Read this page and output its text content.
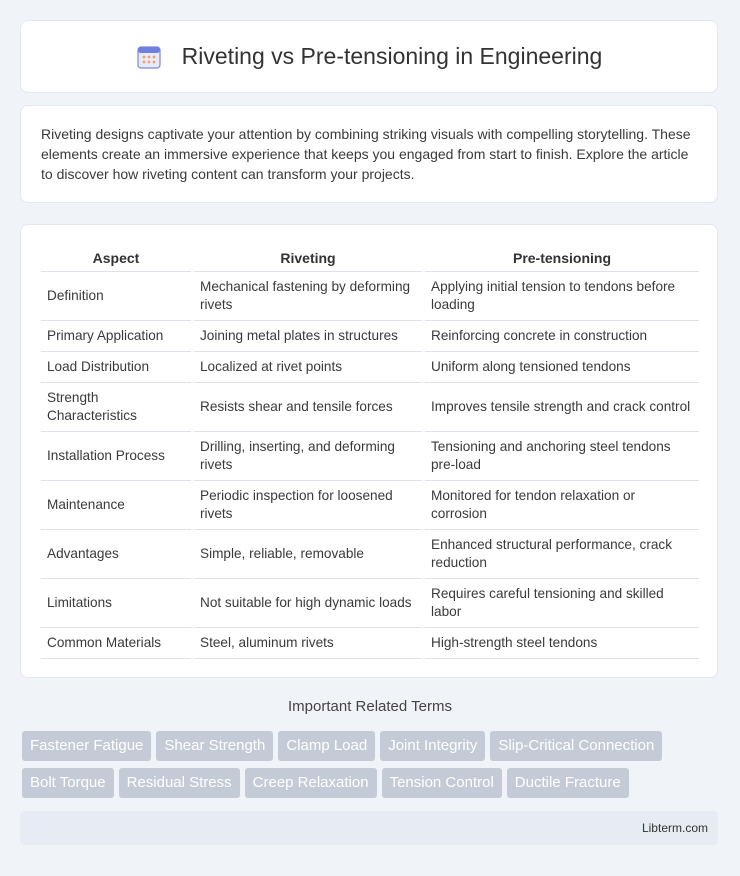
Riveting vs Pre-tensioning in Engineering
Riveting designs captivate your attention by combining striking visuals with compelling storytelling. These elements create an immersive experience that keeps you engaged from start to finish. Explore the article to discover how riveting content can transform your projects.
Aspect	Riveting	Pre-tensioning
Definition	Mechanical fastening by deforming rivets	Applying initial tension to tendons before loading
Primary Application	Joining metal plates in structures	Reinforcing concrete in construction
Load Distribution	Localized at rivet points	Uniform along tensioned tendons
Strength Characteristics	Resists shear and tensile forces	Improves tensile strength and crack control
Installation Process	Drilling, inserting, and deforming rivets	Tensioning and anchoring steel tendons pre-load
Maintenance	Periodic inspection for loosened rivets	Monitored for tendon relaxation or corrosion
Advantages	Simple, reliable, removable	Enhanced structural performance, crack reduction
Limitations	Not suitable for high dynamic loads	Requires careful tensioning and skilled labor
Common Materials	Steel, aluminum rivets	High-strength steel tendons
Important Related Terms
Fastener Fatigue Shear Strength Clamp Load Joint Integrity Slip-Critical ConnectionBolt Torque Residual Stress Creep Relaxation Tension Control Ductile Fracture
Libterm.com
